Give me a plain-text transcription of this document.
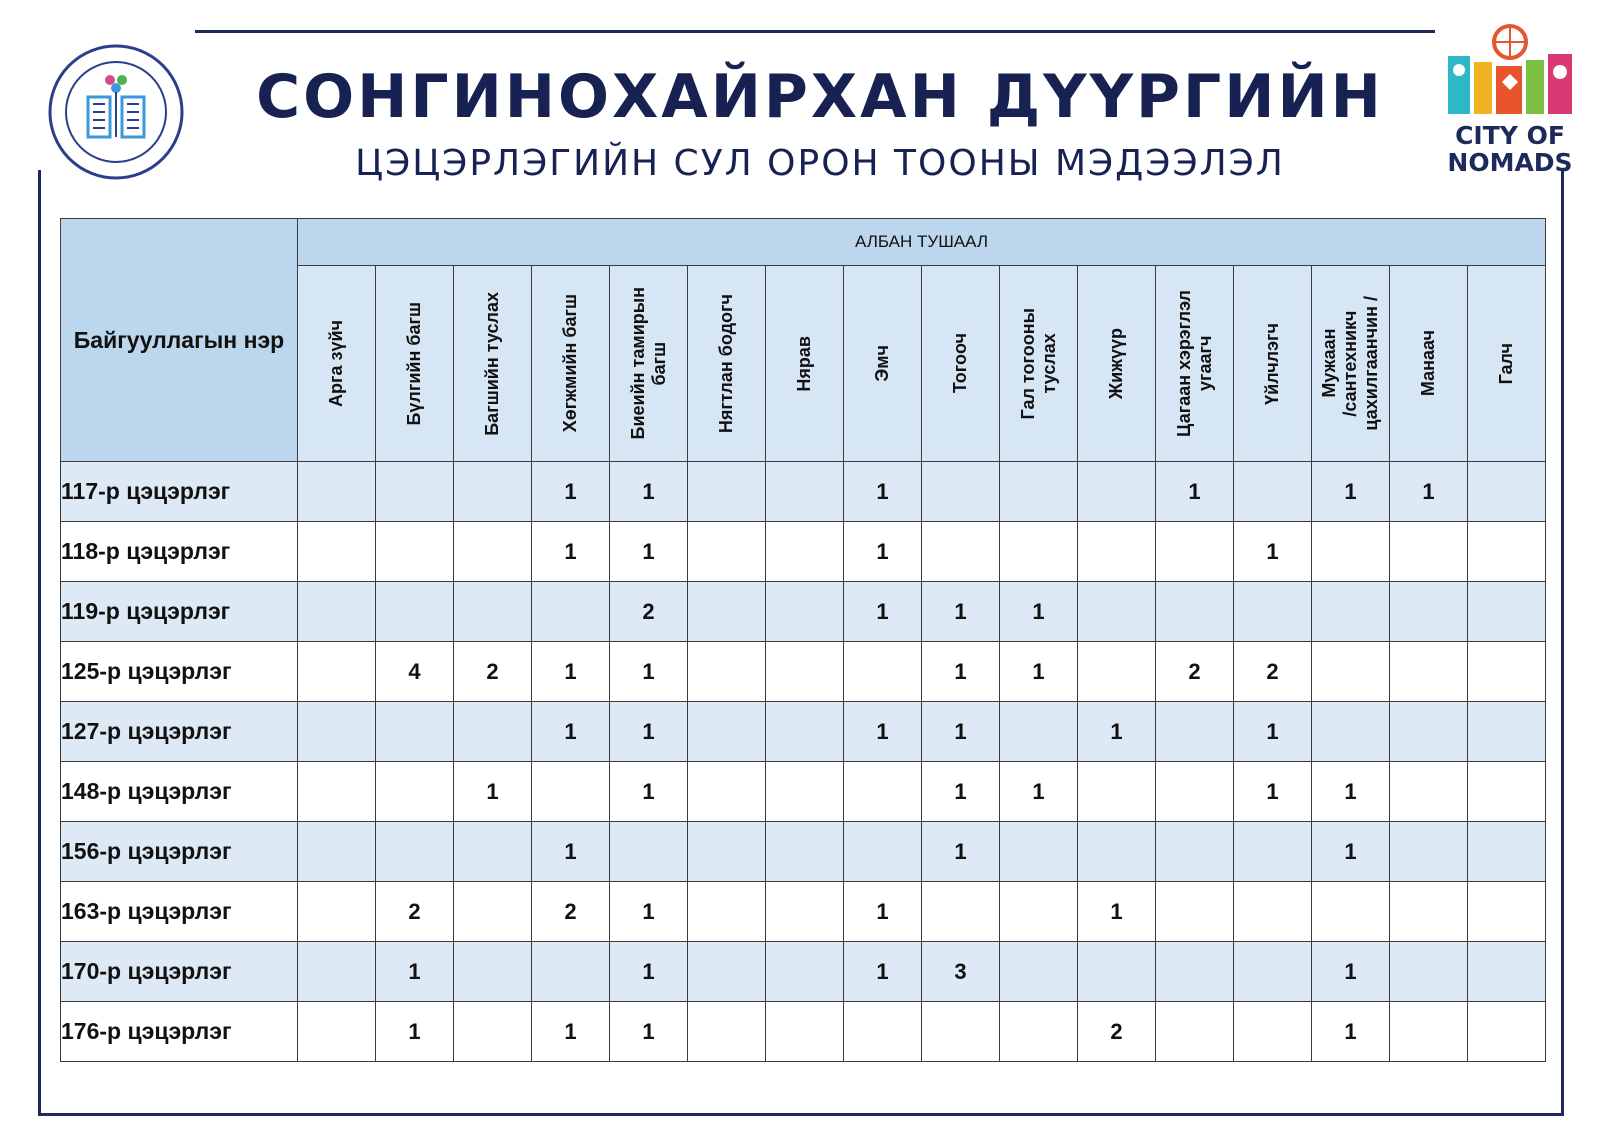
CITY OF
NOMADS
СОНГИНОХАЙРХАН ДҮҮРГИЙН
ЦЭЦЭРЛЭГИЙН СУЛ ОРОН ТООНЫ МЭДЭЭЛЭЛ
Байгууллагын нэр	АЛБАН ТУШААЛ															

	Арга зүйч	Бүлгийн багш	Багшийн туслах	Хөгжмийн багш	Биеийн тамирын
багш	Нягтлан бодогч	Нярав	Эмч	Тогооч	Гал тогооны
туслах	Жижүүр	Цагаан хэрэглэл
угаагч	Үйлчлэгч	Мужаан
/сантехникч
цахилгаанчин /	Манаач	Галч

117-р цэцэрлэг				1	1			1				1		1	1	
118-р цэцэрлэг				1	1			1					1			
119-р цэцэрлэг					2			1	1	1						
125-р цэцэрлэг		4	2	1	1				1	1		2	2			
127-р цэцэрлэг				1	1			1	1		1		1			
148-р цэцэрлэг			1		1				1	1			1	1		
156-р цэцэрлэг				1					1					1		
163-р цэцэрлэг		2		2	1			1			1					
170-р цэцэрлэг		1			1			1	3					1		
176-р цэцэрлэг		1		1	1						2			1		
